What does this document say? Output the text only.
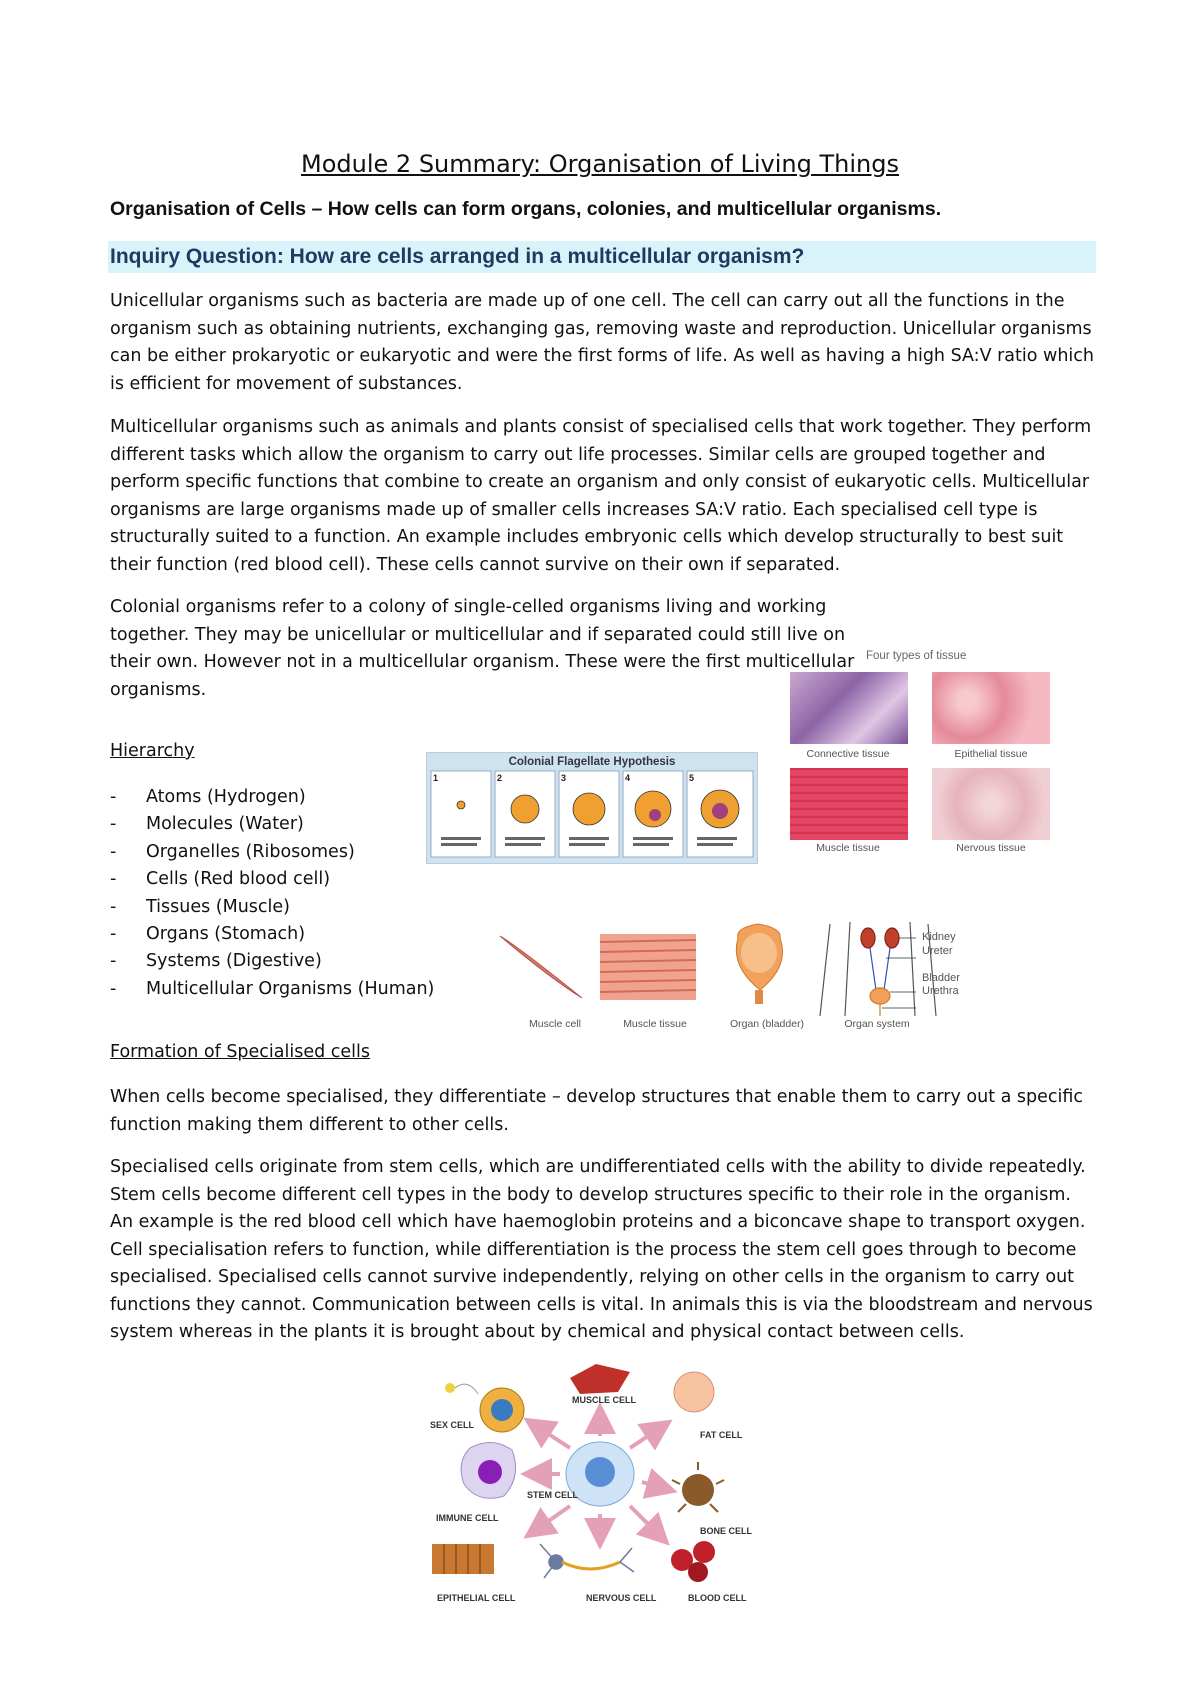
Module 2 Summary: Organisation of Living Things
Organisation of Cells – How cells can form organs, colonies, and multicellular organisms.
Inquiry Question: How are cells arranged in a multicellular organism?
Unicellular organisms such as bacteria are made up of one cell. The cell can carry out all the functions in the organism such as obtaining nutrients, exchanging gas, removing waste and reproduction. Unicellular organisms can be either prokaryotic or eukaryotic and were the first forms of life. As well as having a high SA:V ratio which is efficient for movement of substances.
Multicellular organisms such as animals and plants consist of specialised cells that work together. They perform different tasks which allow the organism to carry out life processes. Similar cells are grouped together and perform specific functions that combine to create an organism and only consist of eukaryotic cells. Multicellular organisms are large organisms made up of smaller cells increases SA:V ratio. Each specialised cell type is structurally suited to a function. An example includes embryonic cells which develop structurally to best suit their function (red blood cell). These cells cannot survive on their own if separated.
Colonial organisms refer to a colony of single-celled organisms living and working together. They may be unicellular or multicellular and if separated could still live on their own. However not in a multicellular organism. These were the first multicellular organisms.
Hierarchy
- Atoms (Hydrogen)
- Molecules (Water)
- Organelles (Ribosomes)
- Cells (Red blood cell)
- Tissues (Muscle)
- Organs (Stomach)
- Systems (Digestive)
- Multicellular Organisms (Human)
Colonial Flagellate Hypothesis
1	2	3	4	5
Four types of tissue
Connective tissue	Epithelial tissue
Muscle tissue	Nervous tissue
Kidney
Ureter
Bladder
Urethra
Muscle cell	Muscle tissue	Organ (bladder)	Organ system
Formation of Specialised cells
When cells become specialised, they differentiate – develop structures that enable them to carry out a specific function making them different to other cells.
Specialised cells originate from stem cells, which are undifferentiated cells with the ability to divide repeatedly. Stem cells become different cell types in the body to develop structures specific to their role in the organism. An example is the red blood cell which have haemoglobin proteins and a biconcave shape to transport oxygen. Cell specialisation refers to function, while differentiation is the process the stem cell goes through to become specialised. Specialised cells cannot survive independently, relying on other cells in the organism to carry out functions they cannot. Communication between cells is vital. In animals this is via the bloodstream and nervous system whereas in the plants it is brought about by chemical and physical contact between cells.
STEM CELL
SEX CELL
MUSCLE CELL
FAT CELL
IMMUNE CELL
BONE CELL
EPITHELIAL CELL	NERVOUS CELL	BLOOD CELL
